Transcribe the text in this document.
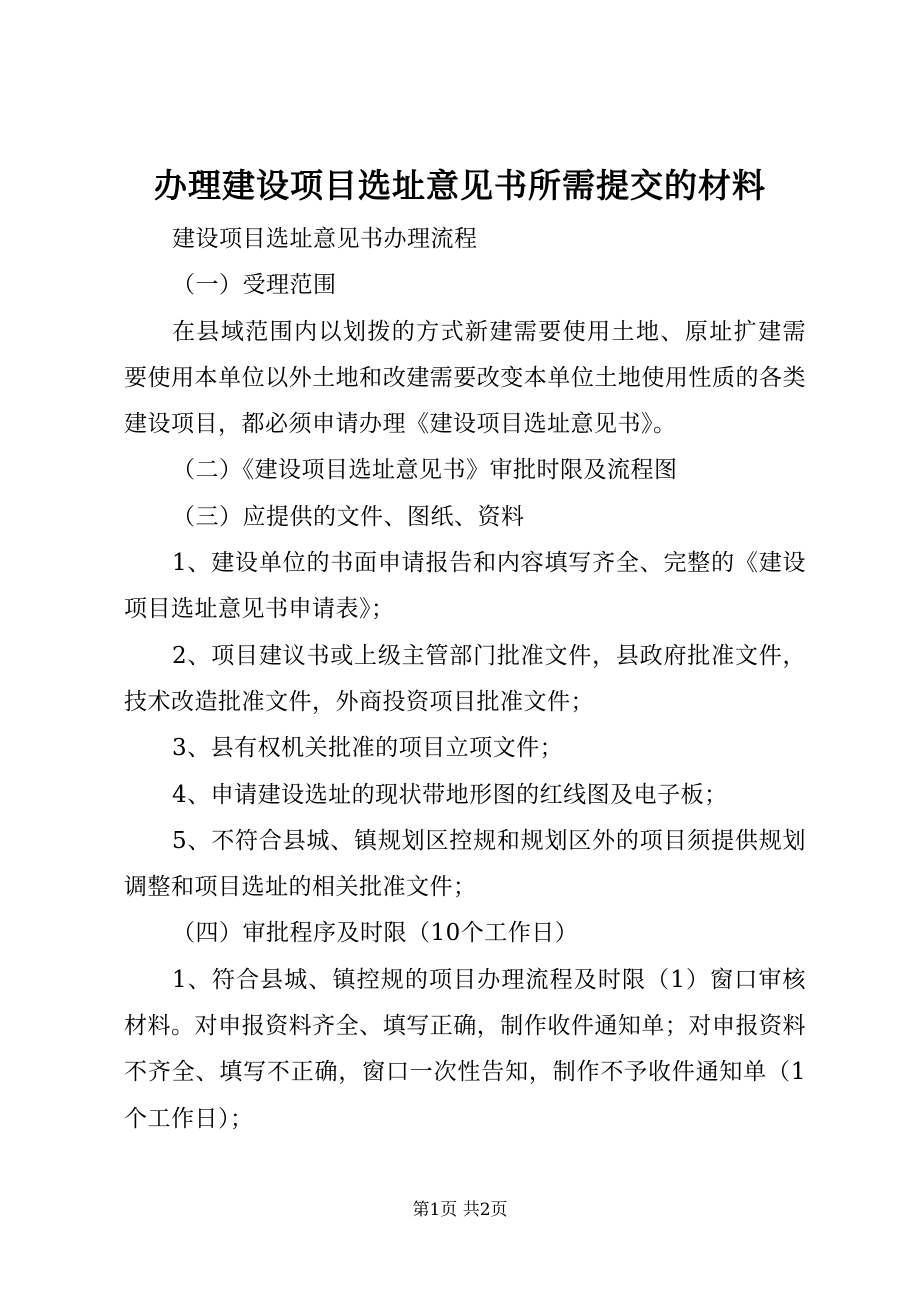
办理建设项目选址意见书所需提交的材料

建设项目选址意见书办理流程

（一）受理范围

在县域范围内以划拨的方式新建需要使用土地、原址扩建需要使用本单位以外土地和改建需要改变本单位土地使用性质的各类建设项目，都必须申请办理《建设项目选址意见书》。

（二）《建设项目选址意见书》审批时限及流程图

（三）应提供的文件、图纸、资料

1、建设单位的书面申请报告和内容填写齐全、完整的《建设项目选址意见书申请表》；

2、项目建议书或上级主管部门批准文件，县政府批准文件，技术改造批准文件，外商投资项目批准文件；

3、县有权机关批准的项目立项文件；

4、申请建设选址的现状带地形图的红线图及电子板；

5、不符合县城、镇规划区控规和规划区外的项目须提供规划调整和项目选址的相关批准文件；

（四）审批程序及时限（10个工作日）

1、符合县城、镇控规的项目办理流程及时限（1）窗口审核材料。对申报资料齐全、填写正确，制作收件通知单；对申报资料不齐全、填写不正确，窗口一次性告知，制作不予收件通知单（1个工作日）；

第1页 共2页
